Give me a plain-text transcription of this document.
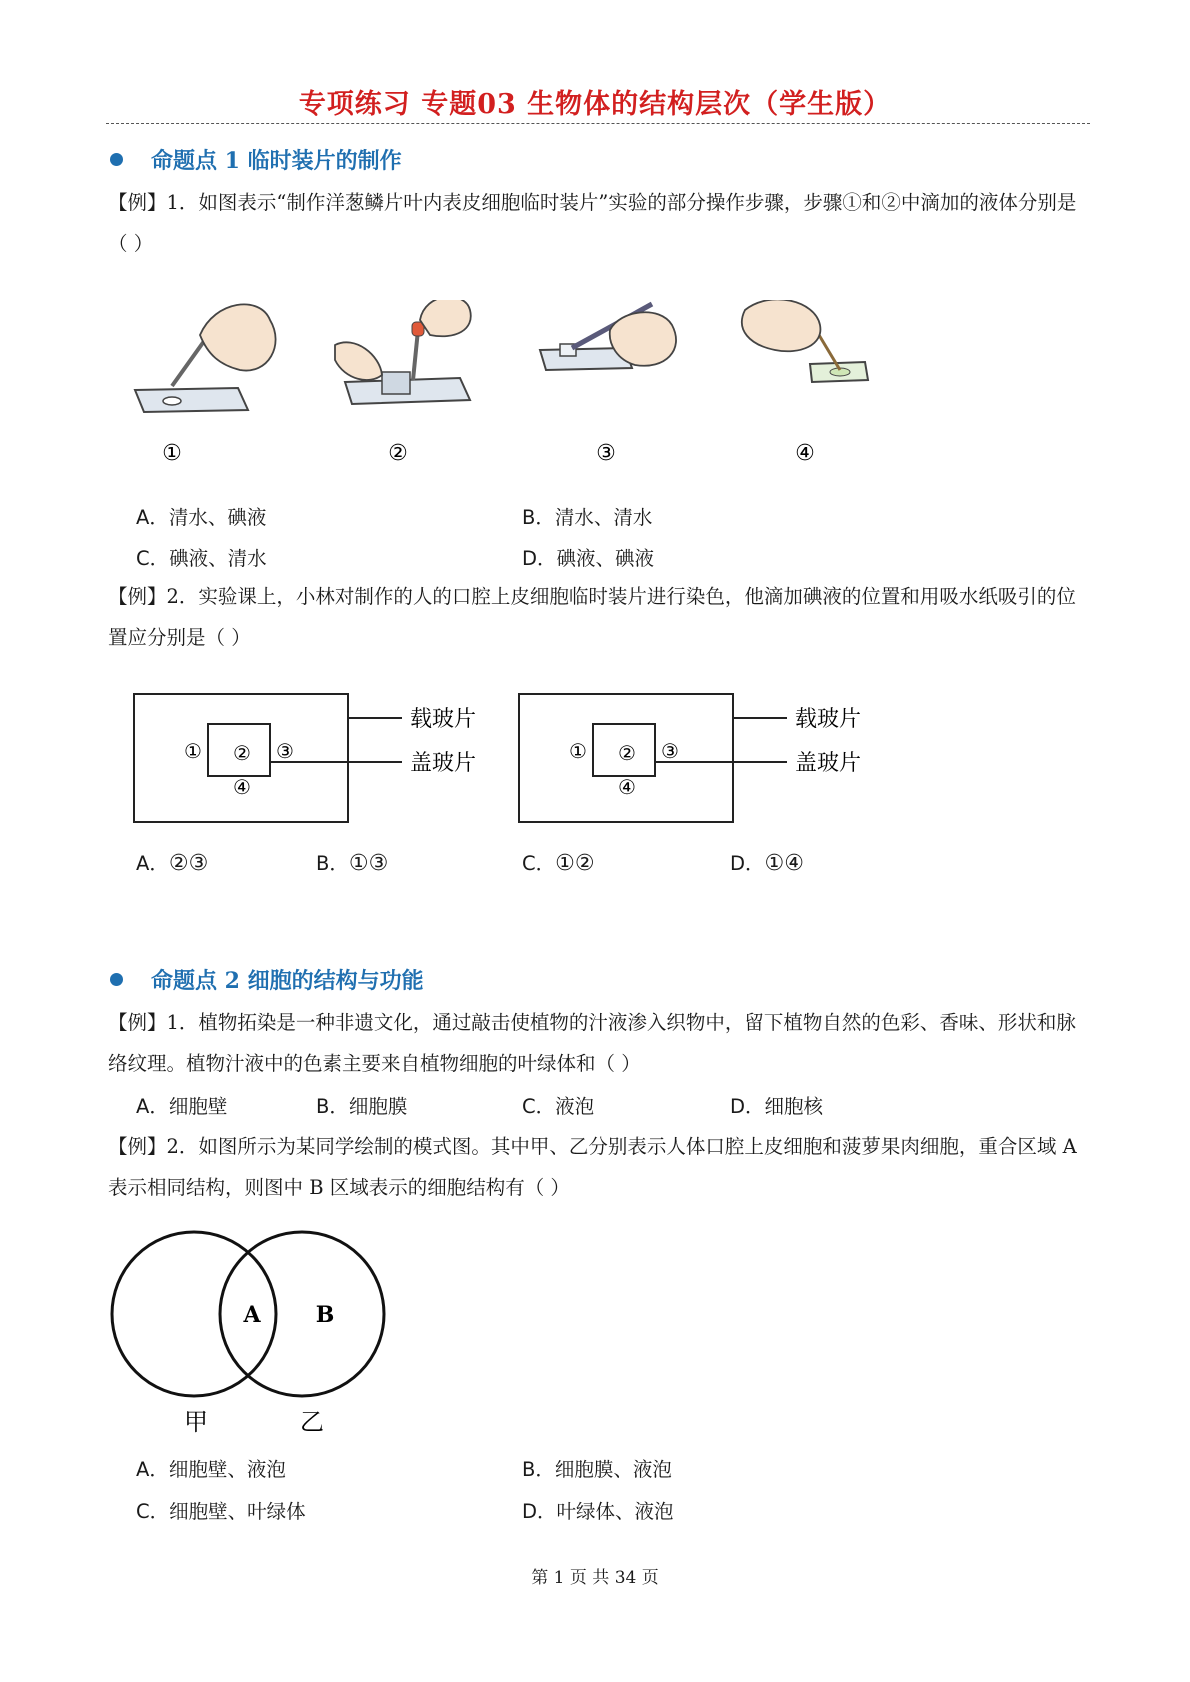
专项练习 专题03 生物体的结构层次（学生版）
命题点 1 临时装片的制作
【例】1．如图表示“制作洋葱鳞片叶内表皮细胞临时装片”实验的部分操作步骤，步骤①和②中滴加的液体分别是（ ）
①	②	③	④
A．清水、碘液	B．清水、清水
C．碘液、清水	D．碘液、碘液
【例】2．实验课上，小林对制作的人的口腔上皮细胞临时装片进行染色，他滴加碘液的位置和用吸水纸吸引的位置应分别是（ ）
载玻片
盖玻片
① ② ③
④
载玻片
盖玻片
① ② ③
④
A．②③	B．①③	C．①②	D．①④
命题点 2 细胞的结构与功能
【例】1．植物拓染是一种非遗文化，通过敲击使植物的汁液渗入织物中，留下植物自然的色彩、香味、形状和脉络纹理。植物汁液中的色素主要来自植物细胞的叶绿体和（ ）
A．细胞壁	B．细胞膜	C．液泡	D．细胞核
【例】2．如图所示为某同学绘制的模式图。其中甲、乙分别表示人体口腔上皮细胞和菠萝果肉细胞，重合区域 A 表示相同结构，则图中 B 区域表示的细胞结构有（ ）
A	B
甲	乙
A．细胞壁、液泡	B．细胞膜、液泡
C．细胞壁、叶绿体	D．叶绿体、液泡
第 1 页 共 34 页
